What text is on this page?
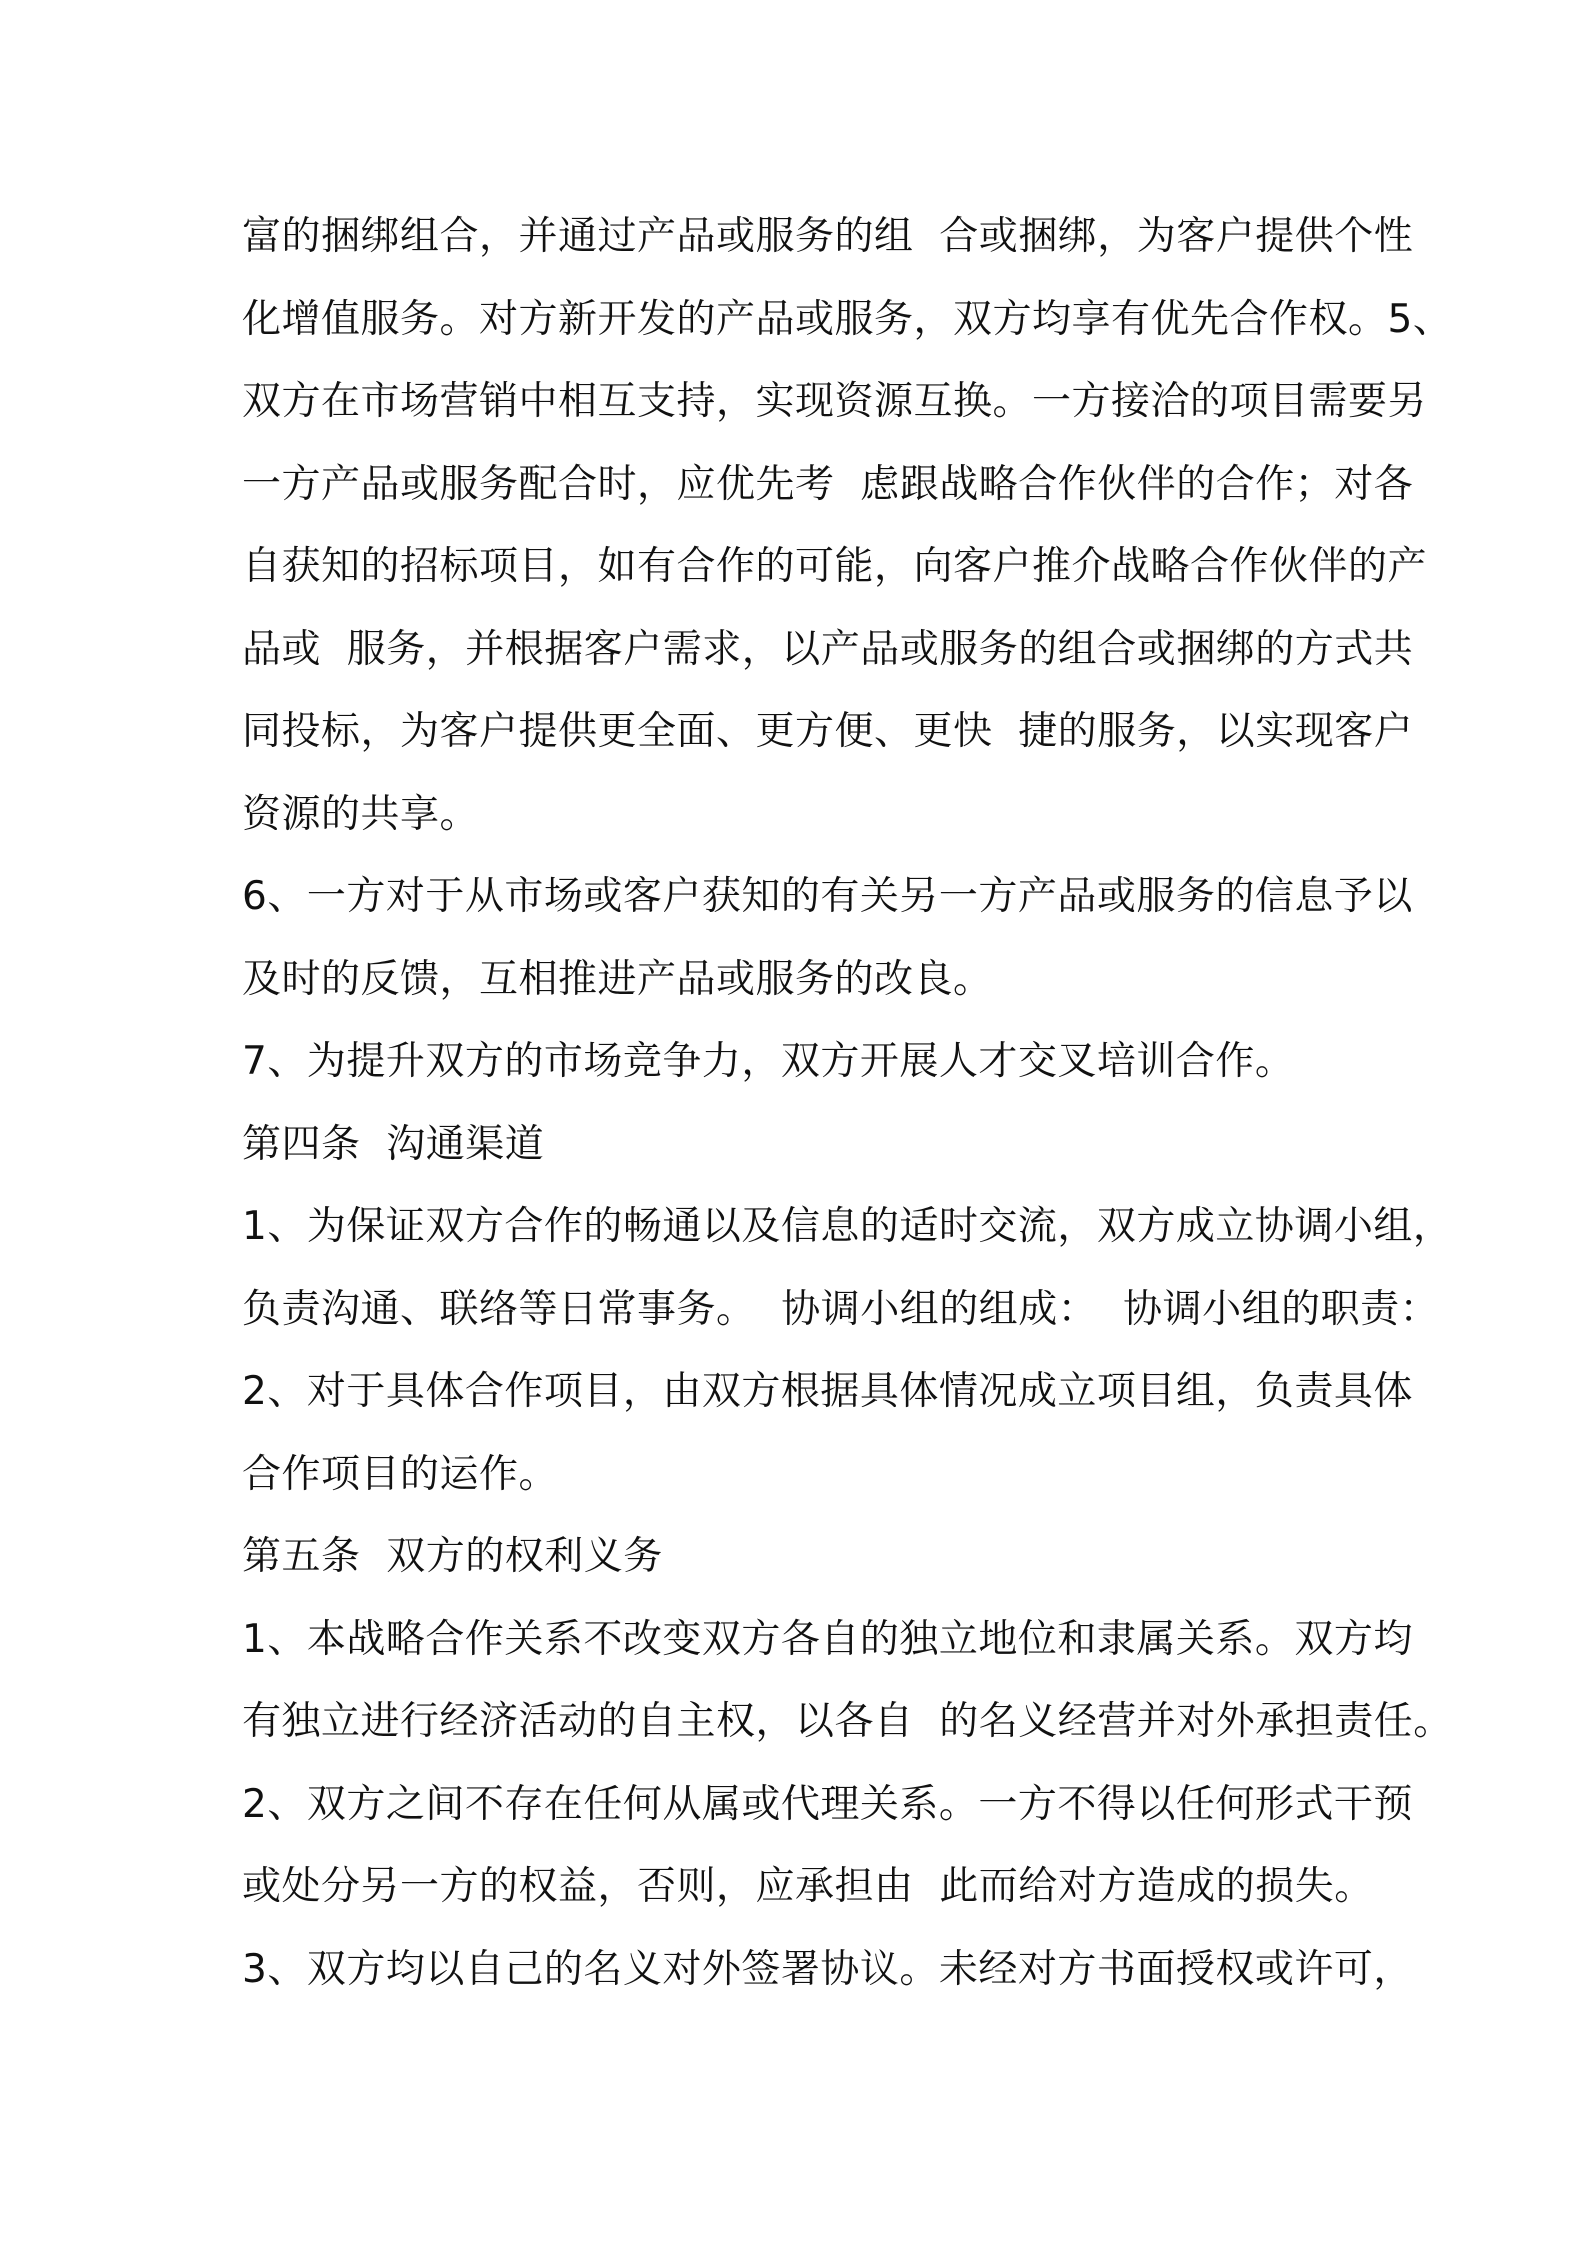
富的捆绑组合，并通过产品或服务的组  合或捆绑，为客户提供个性
化增值服务。对方新开发的产品或服务，双方均享有优先合作权。5、
双方在市场营销中相互支持，实现资源互换。一方接洽的项目需要另
一方产品或服务配合时，应优先考  虑跟战略合作伙伴的合作；对各
自获知的招标项目，如有合作的可能，向客户推介战略合作伙伴的产
品或  服务，并根据客户需求，以产品或服务的组合或捆绑的方式共
同投标，为客户提供更全面、更方便、更快  捷的服务，以实现客户
资源的共享。
6、一方对于从市场或客户获知的有关另一方产品或服务的信息予以
及时的反馈，互相推进产品或服务的改良。
7、为提升双方的市场竞争力，双方开展人才交叉培训合作。
第四条  沟通渠道
1、为保证双方合作的畅通以及信息的适时交流，双方成立协调小组，
负责沟通、联络等日常事务。  协调小组的组成：  协调小组的职责：
2、对于具体合作项目，由双方根据具体情况成立项目组，负责具体
合作项目的运作。
第五条  双方的权利义务
1、本战略合作关系不改变双方各自的独立地位和隶属关系。双方均
有独立进行经济活动的自主权，以各自  的名义经营并对外承担责任。
2、双方之间不存在任何从属或代理关系。一方不得以任何形式干预
或处分另一方的权益，否则，应承担由  此而给对方造成的损失。
3、双方均以自己的名义对外签署协议。未经对方书面授权或许可，
